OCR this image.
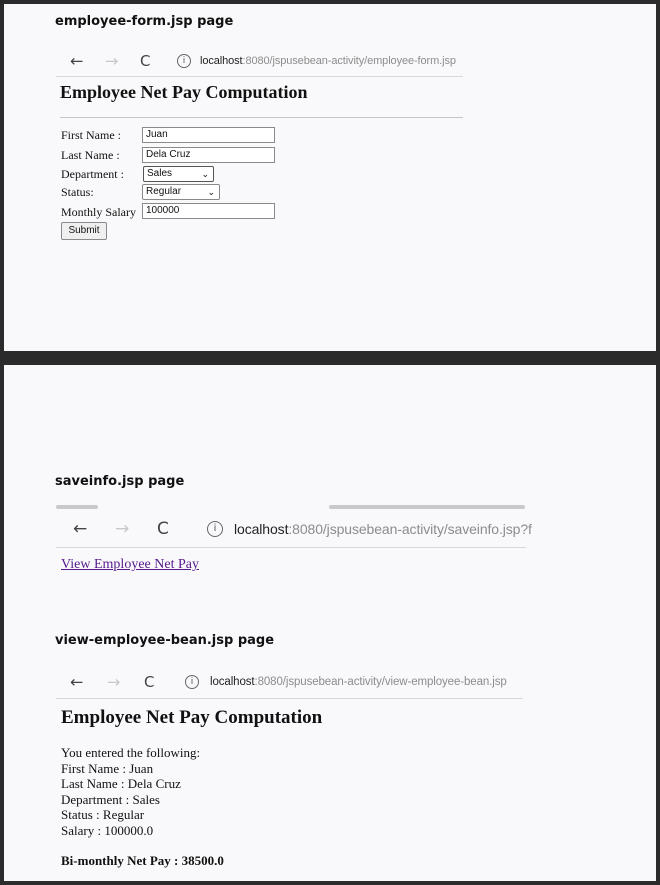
employee-form.jsp page
← → C	i	localhost:8080/jspusebean-activity/employee-form.jsp
Employee Net Pay Computation
First Name :	Juan
Last Name :	Dela Cruz
Department :	Sales	⌄
Status:	Regular	⌄
Monthly Salary	100000
Submit
saveinfo.jsp page
← → C	i	localhost:8080/jspusebean-activity/saveinfo.jsp?f
View Employee Net Pay
view-employee-bean.jsp page
← → C	i	localhost:8080/jspusebean-activity/view-employee-bean.jsp
Employee Net Pay Computation
You entered the following:
First Name : Juan
Last Name : Dela Cruz
Department : Sales
Status : Regular
Salary : 100000.0
Bi-monthly Net Pay : 38500.0
